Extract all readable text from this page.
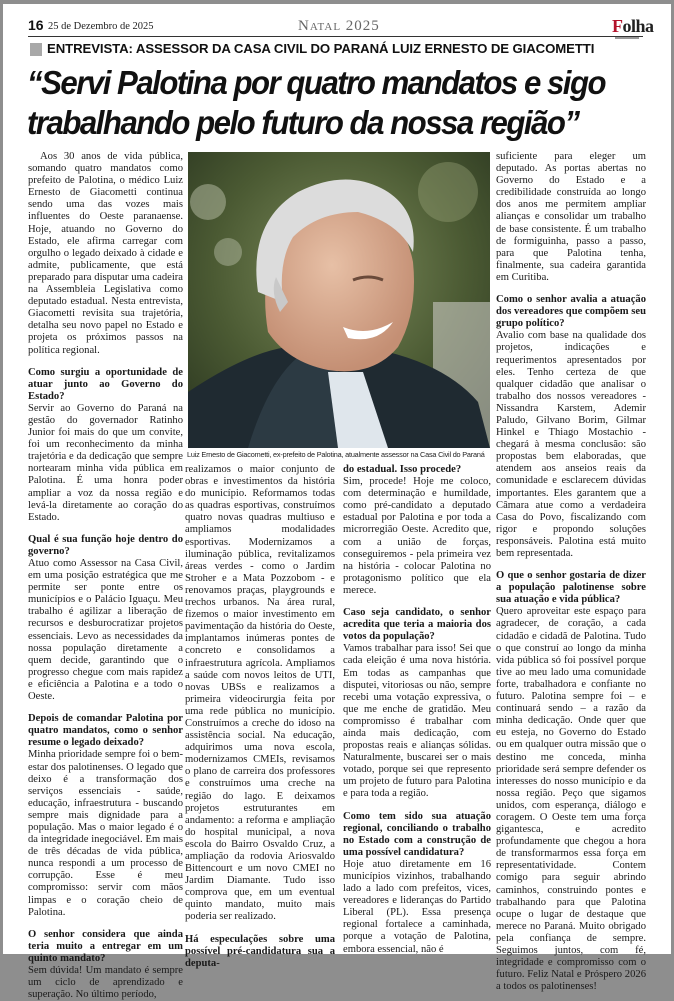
16 25 de Dezembro de 2025	Natal 2025	Folha
ENTREVISTA: ASSESSOR DA CASA CIVIL DO PARANÁ LUIZ ERNESTO DE GIACOMETTI
“Servi Palotina por quatro mandatos e sigo
trabalhando pelo futuro da nossa região”

Aos 30 anos de vida pública, somando quatro mandatos como prefeito de Palotina, o médico Luiz Ernesto de Giacometti continua sendo uma das vozes mais influentes do Oeste paranaense. Hoje, atuando no Governo do Estado, ele afirma carregar com orgulho o legado deixado à cidade e admite, publicamente, que está preparado para disputar uma cadeira na Assembleia Legislativa como deputado estadual. Nesta entrevista, Giacometti revisita sua trajetória, detalha seu novo papel no Estado e projeta os próximos passos na política regional.

Como surgiu a oportunidade de atuar junto ao Governo do Estado?

Servir ao Governo do Paraná na gestão do governador Ratinho Junior foi mais do que um convite, foi um reconhecimento da minha trajetória e da dedicação que sempre nortearam minha vida pública em Palotina. É uma honra poder ampliar a voz da nossa região e levá-la diretamente ao coração do Estado.

Qual é sua função hoje dentro do governo?

Atuo como Assessor na Casa Civil, em uma posição estratégica que me permite ser ponte entre os municípios e o Palácio Iguaçu. Meu trabalho é agilizar a liberação de recursos e desburocratizar projetos essenciais. Levo as necessidades da nossa população diretamente a quem decide, garantindo que o progresso chegue com mais rapidez e eficiência a Palotina e a todo o Oeste.

Depois de comandar Palotina por quatro mandatos, como o senhor resume o legado deixado?

Minha prioridade sempre foi o bem-estar dos palotinenses. O legado que deixo é a transformação dos serviços essenciais - saúde, educação, infraestrutura - buscando sempre mais dignidade para a população. Mas o maior legado é o da integridade inegociável. Em mais de três décadas de vida pública, nunca respondi a um processo de corrupção. Esse é meu compromisso: servir com mãos limpas e o coração cheio de Palotina.

O senhor considera que ainda teria muito a entregar em um quinto mandato?

Sem dúvida! Um mandato é sempre um ciclo de aprendizado e superação. No último período,

Luiz Ernesto de Giacometti, ex-prefeito de Palotina, atualmente assessor na Casa Civil do Paraná

realizamos o maior conjunto de obras e investimentos da história do município. Reformamos todas as quadras esportivas, construímos quatro novas quadras multiuso e ampliamos modalidades esportivas. Modernizamos a iluminação pública, revitalizamos áreas verdes - como o Jardim Stroher e a Mata Pozzobom - e renovamos praças, playgrounds e trechos urbanos. Na área rural, fizemos o maior investimento em pavimentação da história do Oeste, implantamos inúmeras pontes de concreto e consolidamos a infraestrutura agrícola. Ampliamos a saúde com novos leitos de UTI, novas UBSs e realizamos a primeira videocirurgia feita por uma rede pública no município. Construímos a creche do idoso na assistência social. Na educação, adquirimos uma nova escola, modernizamos CMEIs, revisamos o plano de carreira dos professores e construímos uma creche na região do lago. E deixamos projetos estruturantes em andamento: a reforma e ampliação do hospital municipal, a nova escola do Bairro Osvaldo Cruz, a ampliação da rodovia Ariosvaldo Bittencourt e um novo CMEI no Jardim Diamante. Tudo isso comprova que, em um eventual quinto mandato, muito mais poderia ser realizado.

Há especulações sobre uma possível pré-candidatura sua a deputa-

do estadual. Isso procede?

Sim, procede! Hoje me coloco, com determinação e humildade, como pré-candidato a deputado estadual por Palotina e por toda a microrregião Oeste. Acredito que, com a união de forças, conseguiremos - pela primeira vez na história - colocar Palotina no protagonismo político que ela merece.

Caso seja candidato, o senhor acredita que teria a maioria dos votos da população?

Vamos trabalhar para isso! Sei que cada eleição é uma nova história. Em todas as campanhas que disputei, vitoriosas ou não, sempre recebi uma votação expressiva, o que me enche de gratidão. Meu compromisso é trabalhar com ainda mais dedicação, com propostas reais e alianças sólidas. Naturalmente, buscarei ser o mais votado, porque sei que represento um projeto de futuro para Palotina e para toda a região.

Como tem sido sua atuação regional, conciliando o trabalho no Estado com a construção de uma possível candidatura?

Hoje atuo diretamente em 16 municípios vizinhos, trabalhando lado a lado com prefeitos, vices, vereadores e lideranças do Partido Liberal (PL). Essa presença regional fortalece a caminhada, porque a votação de Palotina, embora essencial, não é

suficiente para eleger um deputado. As portas abertas no Governo do Estado e a credibilidade construída ao longo dos anos me permitem ampliar alianças e consolidar um trabalho de base consistente. É um trabalho de formiguinha, passo a passo, para que Palotina tenha, finalmente, sua cadeira garantida em Curitiba.

Como o senhor avalia a atuação dos vereadores que compõem seu grupo político?

Avalio com base na qualidade dos projetos, indicações e requerimentos apresentados por eles. Tenho certeza de que qualquer cidadão que analisar o trabalho dos nossos vereadores - Nissandra Karstem, Ademir Paludo, Gilvano Borim, Gilmar Hinkel e Thiago Mostachio - chegará à mesma conclusão: são propostas bem elaboradas, que atendem aos anseios reais da comunidade e esclarecem dúvidas importantes. Eles garantem que a Câmara atue como a verdadeira Casa do Povo, fiscalizando com rigor e propondo soluções responsáveis. Palotina está muito bem representada.

O que o senhor gostaria de dizer a população palotinense sobre sua atuação e vida pública?

Quero aproveitar este espaço para agradecer, de coração, a cada cidadão e cidadã de Palotina. Tudo o que construí ao longo da minha vida pública só foi possível porque tive ao meu lado uma comunidade forte, trabalhadora e confiante no futuro. Palotina sempre foi – e continuará sendo – a razão da minha dedicação. Onde quer que eu esteja, no Governo do Estado ou em qualquer outra missão que o destino me conceda, minha prioridade será sempre defender os interesses do nosso município e da nossa região. Peço que sigamos unidos, com esperança, diálogo e coragem. O Oeste tem uma força gigantesca, e acredito profundamente que chegou a hora de transformarmos essa força em representatividade. Contem comigo para seguir abrindo caminhos, construindo pontes e trabalhando para que Palotina ocupe o lugar de destaque que merece no Paraná. Muito obrigado pela confiança de sempre. Seguimos juntos, com fé, integridade e compromisso com o futuro. Feliz Natal e Próspero 2026 a todos os palotinenses!
